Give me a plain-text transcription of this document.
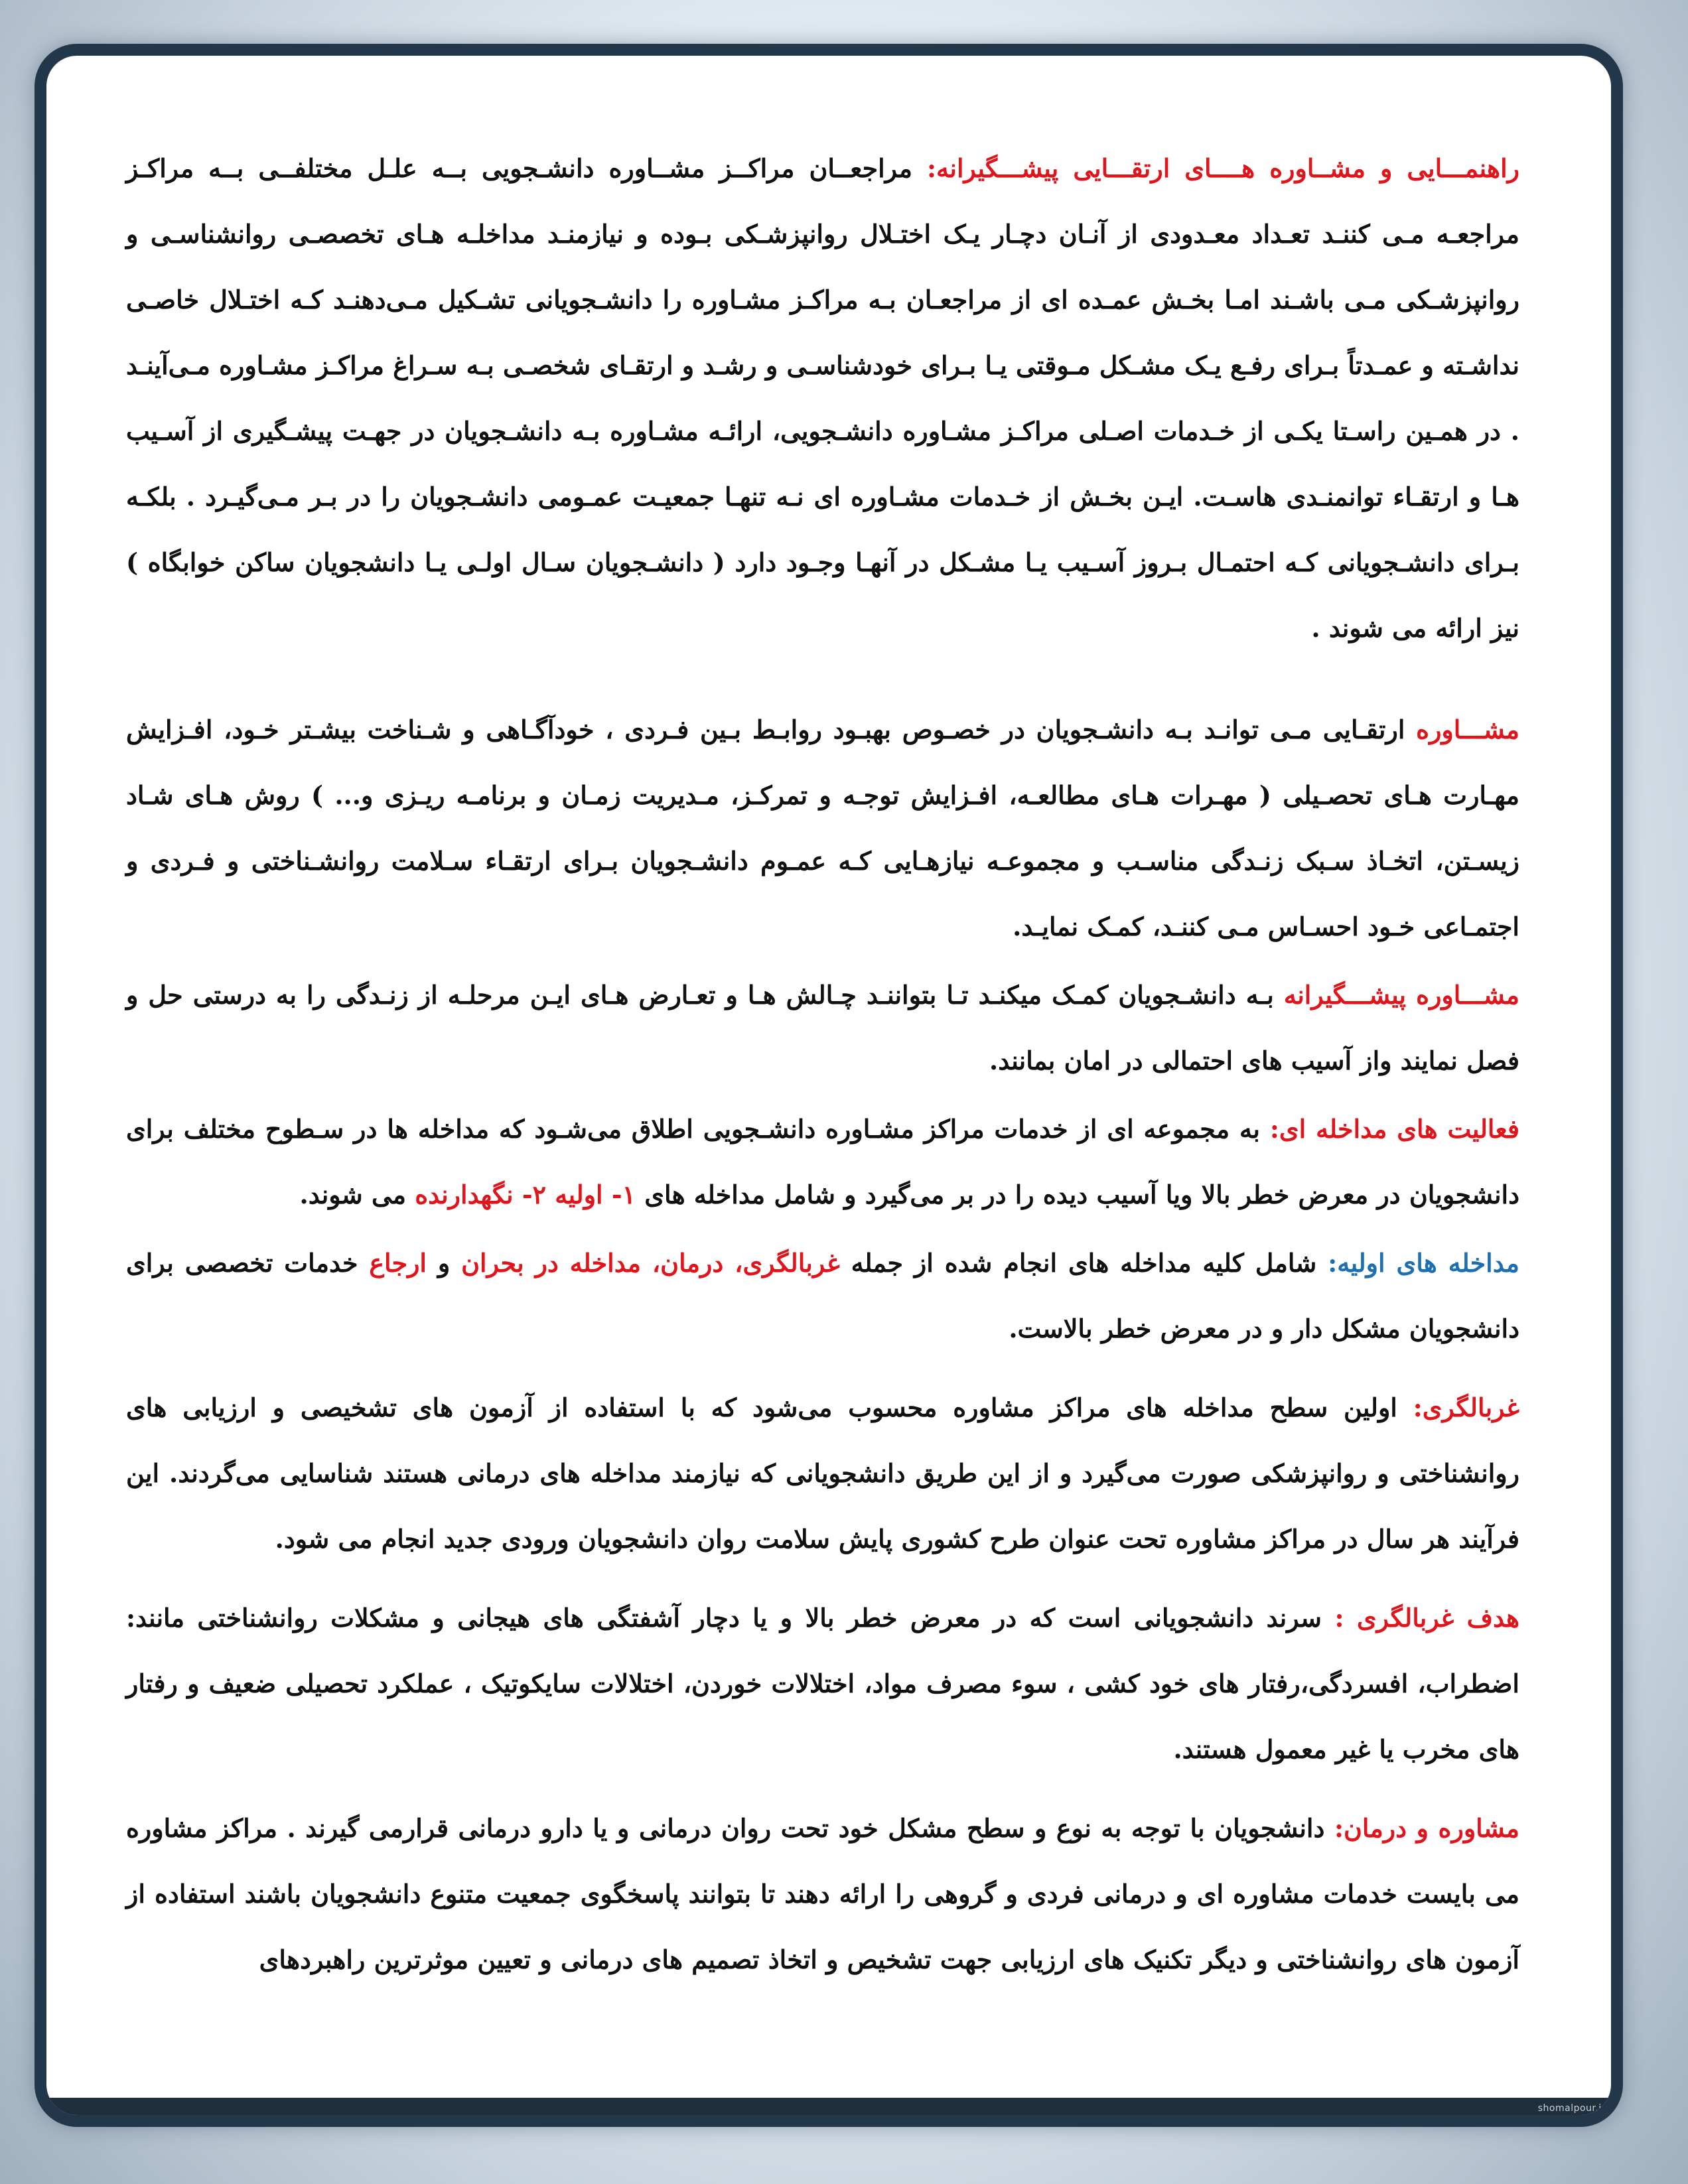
راهنمـــایی و مشــاوره هــــای ارتقـــایی پیشـــگیرانه: مراجعــان مراکــز مشــاوره دانشـجویی بــه علـل مختلفــی بــه مراکـز مراجعـه مـی کننـد تعـداد معـدودی از آنـان دچـار یـک اختـلال روانپزشـکی بـوده و نیازمنـد مداخلـه هـای تخصصـی روانشناسـی و روانپزشـکی مـی باشـند امـا بخـش عمـده ای از مراجعـان بـه مراکـز مشـاوره را دانشـجویانی تشـکیل مـی‌دهنـد کـه اختـلال خاصـی نداشـته و عمـدتاً بـرای رفـع یـک مشـکل مـوقتی یـا بـرای خودشناسـی و رشـد و ارتقـای شخصـی بـه سـراغ مراکـز مشـاوره مـی‌آینـد . در همـین راسـتا یکـی از خـدمات اصـلی مراکـز مشـاوره دانشـجویی، ارائـه مشـاوره بـه دانشـجویان در جهـت پیشـگیری از آسـیب هـا و ارتقـاء توانمنـدی هاسـت. ایـن بخـش از خـدمات مشـاوره ای نـه تنهـا جمعیـت عمـومی دانشـجویان را در بـر مـی‌گیـرد . بلکـه بـرای دانشـجویانی کـه احتمـال بـروز آسـیب یـا مشـکل در آنهـا وجـود دارد ( دانشـجویان سـال اولـی یـا دانشجویان ساکن خوابگاه ) نیز ارائه می شوند .

مشـــاوره ارتقـایی مـی توانـد بـه دانشـجویان در خصـوص بهبـود روابـط بـین فـردی ، خودآگـاهی و شـناخت بیشـتر خـود، افـزایش مهـارت هـای تحصـیلی ( مهـرات هـای مطالعـه، افـزایش توجـه و تمرکـز، مـدیریت زمـان و برنامـه ریـزی و... ) روش هـای شـاد زیسـتن، اتخـاذ سـبک زنـدگی مناسـب و مجموعـه نیازهـایی کـه عمـوم دانشـجویان بـرای ارتقـاء سـلامت روانشـناختی و فـردی و اجتمـاعی خـود احسـاس مـی کننـد، کمـک نمایـد.

مشـــاوره پیشـــگیرانه بـه دانشـجویان کمـک میکنـد تـا بتواننـد چـالش هـا و تعـارض هـای ایـن مرحلـه از زنـدگی را به درستی حل و فصل نمایند واز آسیب های احتمالی در امان بمانند.

فعالیت های مداخله ای: به مجموعه ای از خدمات مراکز مشـاوره دانشـجویی اطلاق می‌شـود که مداخله ها در سـطوح مختلف برای دانشجویان در معرض خطر بالا ویا آسیب دیده را در بر می‌گیرد و شامل مداخله های ۱- اولیه ۲- نگهدارنده می شوند.

مداخله های اولیه: شامل کلیه مداخله های انجام شده از جمله غربالگری، درمان، مداخله در بحران و ارجاع خدمات تخصصی برای دانشجویان مشکل دار و در معرض خطر بالاست.

غربالگری: اولین سطح مداخله های مراکز مشاوره محسوب می‌شود که با استفاده از آزمون های تشخیصی و ارزیابی های روانشناختی و روانپزشکی صورت می‌گیرد و از این طریق دانشجویانی که نیازمند مداخله های درمانی هستند شناسایی می‌گردند. این فرآیند هر سال در مراکز مشاوره تحت عنوان طرح کشوری پایش سلامت روان دانشجویان ورودی جدید انجام می شود.

هدف غربالگری : سرند دانشجویانی است که در معرض خطر بالا و یا دچار آشفتگی های هیجانی و مشکلات روانشناختی مانند: اضطراب، افسردگی،رفتار های خود کشی ، سوء مصرف مواد، اختلالات خوردن، اختلالات سایکوتیک ، عملکرد تحصیلی ضعیف و رفتار های مخرب یا غیر معمول هستند.

مشاوره و درمان: دانشجویان با توجه به نوع و سطح مشکل خود تحت روان درمانی و یا دارو درمانی قرارمی گیرند . مراکز مشاوره می بایست خدمات مشاوره ای و درمانی فردی و گروهی را ارائه دهند تا بتوانند پاسخگوی جمعیت متنوع دانشجویان باشند استفاده از آزمون های روانشناختی و دیگر تکنیک های ارزیابی جهت تشخیص و اتخاذ تصمیم های درمانی و تعیین موثرترین راهبردهای

shomalpour.ir
